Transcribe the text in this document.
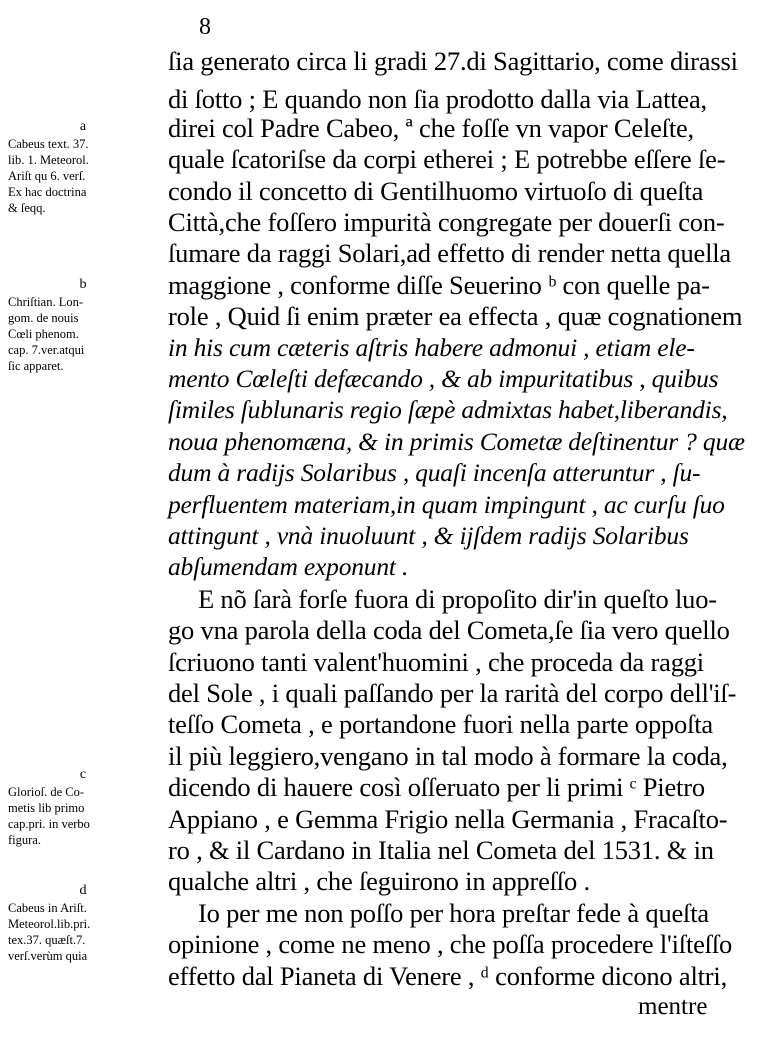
8
ſia generato circa li gradi 27.di Sagittario, come dirassi
di ſotto ; E quando non ſia prodotto dalla via Lattea,
direi col Padre Cabeo, ª che foſſe vn vapor Celeſte,
quale ſcatoriſse da corpi etherei ; E potrebbe eſſere ſe-
condo il concetto di Gentilhuomo virtuoſo di queſta
Città,che foſſero impurità congregate per douerſi con-
ſumare da raggi Solari,ad effetto di render netta quella
maggione , conforme diſſe Seuerino ᵇ con quelle pa-
role , Quid ſi enim præter ea effecta , quæ cognationem
in his cum cæteris aſtris habere admonui , etiam ele-
mento Cœleſti defæcando , & ab impuritatibus , quibus
ſimiles ſublunaris regio ſæpè admixtas habet,liberandis,
noua phenomæna, & in primis Cometæ deſtinentur ? quæ
dum à radijs Solaribus , quaſi incenſa atteruntur , ſu-
perfluentem materiam,in quam impingunt , ac curſu ſuo
attingunt , vnà inuoluunt , & ijſdem radijs Solaribus
abſumendam exponunt .
E nõ ſarà forſe fuora di propoſito dir'in queſto luo-
go vna parola della coda del Cometa,ſe ſia vero quello
ſcriuono tanti valent'huomini , che proceda da raggi
del Sole , i quali paſſando per la rarità del corpo dell'iſ-
teſſo Cometa , e portandone fuori nella parte oppoſta
il più leggiero,vengano in tal modo à formare la coda,
dicendo di hauere così oſſeruato per li primi ᶜ Pietro
Appiano , e Gemma Frigio nella Germania , Fracaſto-
ro , & il Cardano in Italia nel Cometa del 1531. & in
qualche altri , che ſeguirono in appreſſo .
Io per me non poſſo per hora preſtar fede à queſta
opinione , come ne meno , che poſſa procedere l'iſteſſo
effetto dal Pianeta di Venere , ᵈ conforme dicono altri,
a
Cabeus text. 37.
lib. 1. Meteorol.
Ariſt qu 6. verſ.
Ex hac doctrina
& ſeqq.
b
Chriſtian. Lon-
gom. de nouis
Cœli phenom.
cap. 7.ver.atqui
ſic apparet.
c
Glorioſ. de Co-
metis lib primo
cap.pri. in verbo
figura.
d
Cabeus in Ariſt.
Meteorol.lib.pri.
tex.37. quæſt.7.
verſ.verùm quia
mentre
